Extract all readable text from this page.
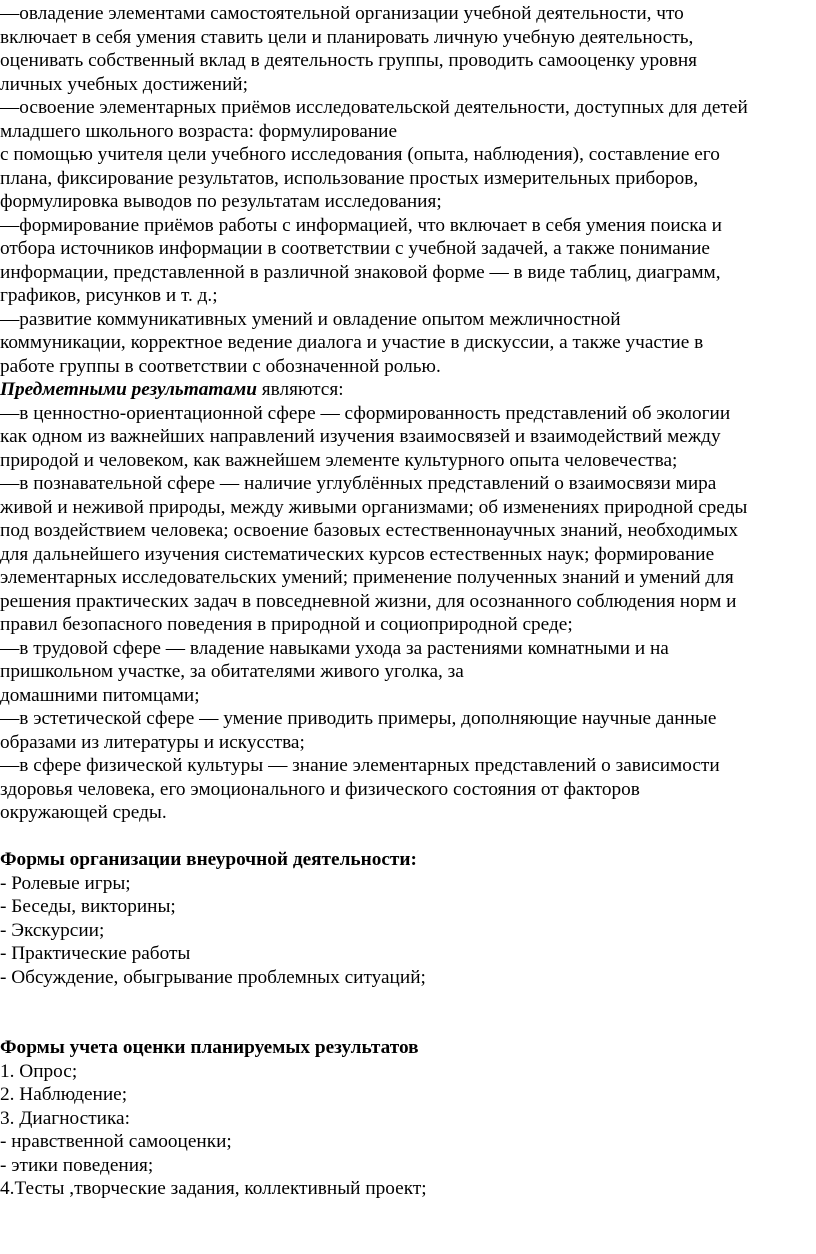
—овладение элементами самостоятельной организации учебной деятельности, что
включает в себя умения ставить цели и планировать личную учебную деятельность,
оценивать собственный вклад в деятельность группы, проводить самооценку уровня
личных учебных достижений;
—освоение элементарных приёмов исследовательской деятельности, доступных для детей
младшего школьного возраста: формулирование
с помощью учителя цели учебного исследования (опыта, наблюдения), составление его
плана, фиксирование результатов, использование простых измерительных приборов,
формулировка выводов по результатам исследования;
—формирование приёмов работы с информацией, что включает в себя умения поиска и
отбора источников информации в соответствии с учебной задачей, а также понимание
информации, представленной в различной знаковой форме — в виде таблиц, диаграмм,
графиков, рисунков и т. д.;
—развитие коммуникативных умений и овладение опытом межличностной
коммуникации, корректное ведение диалога и участие в дискуссии, а также участие в
работе группы в соответствии с обозначенной ролью.
Предметными результатами являются:
—в ценностно-ориентационной сфере — сформированность представлений об экологии
как одном из важнейших направлений изучения взаимосвязей и взаимодействий между
природой и человеком, как важнейшем элементе культурного опыта человечества;
—в познавательной сфере — наличие углублённых представлений о взаимосвязи мира
живой и неживой природы, между живыми организмами; об изменениях природной среды
под воздействием человека; освоение базовых естественнонаучных знаний, необходимых
для дальнейшего изучения систематических курсов естественных наук; формирование
элементарных исследовательских умений; применение полученных знаний и умений для
решения практических задач в повседневной жизни, для осознанного соблюдения норм и
правил безопасного поведения в природной и социоприродной среде;
—в трудовой сфере — владение навыками ухода за растениями комнатными и на
пришкольном участке, за обитателями живого уголка, за
домашними питомцами;
—в эстетической сфере — умение приводить примеры, дополняющие научные данные
образами из литературы и искусства;
—в сфере физической культуры — знание элементарных представлений о зависимости
здоровья человека, его эмоционального и физического состояния от факторов
окружающей среды.
Формы организации внеурочной деятельности:
- Ролевые игры;
- Беседы, викторины;
- Экскурсии;
- Практические работы
- Обсуждение, обыгрывание проблемных ситуаций;
Формы учета оценки планируемых результатов
1. Опрос;
2. Наблюдение;
3. Диагностика:
- нравственной самооценки;
- этики поведения;
4.Тесты ,творческие задания, коллективный проект;
